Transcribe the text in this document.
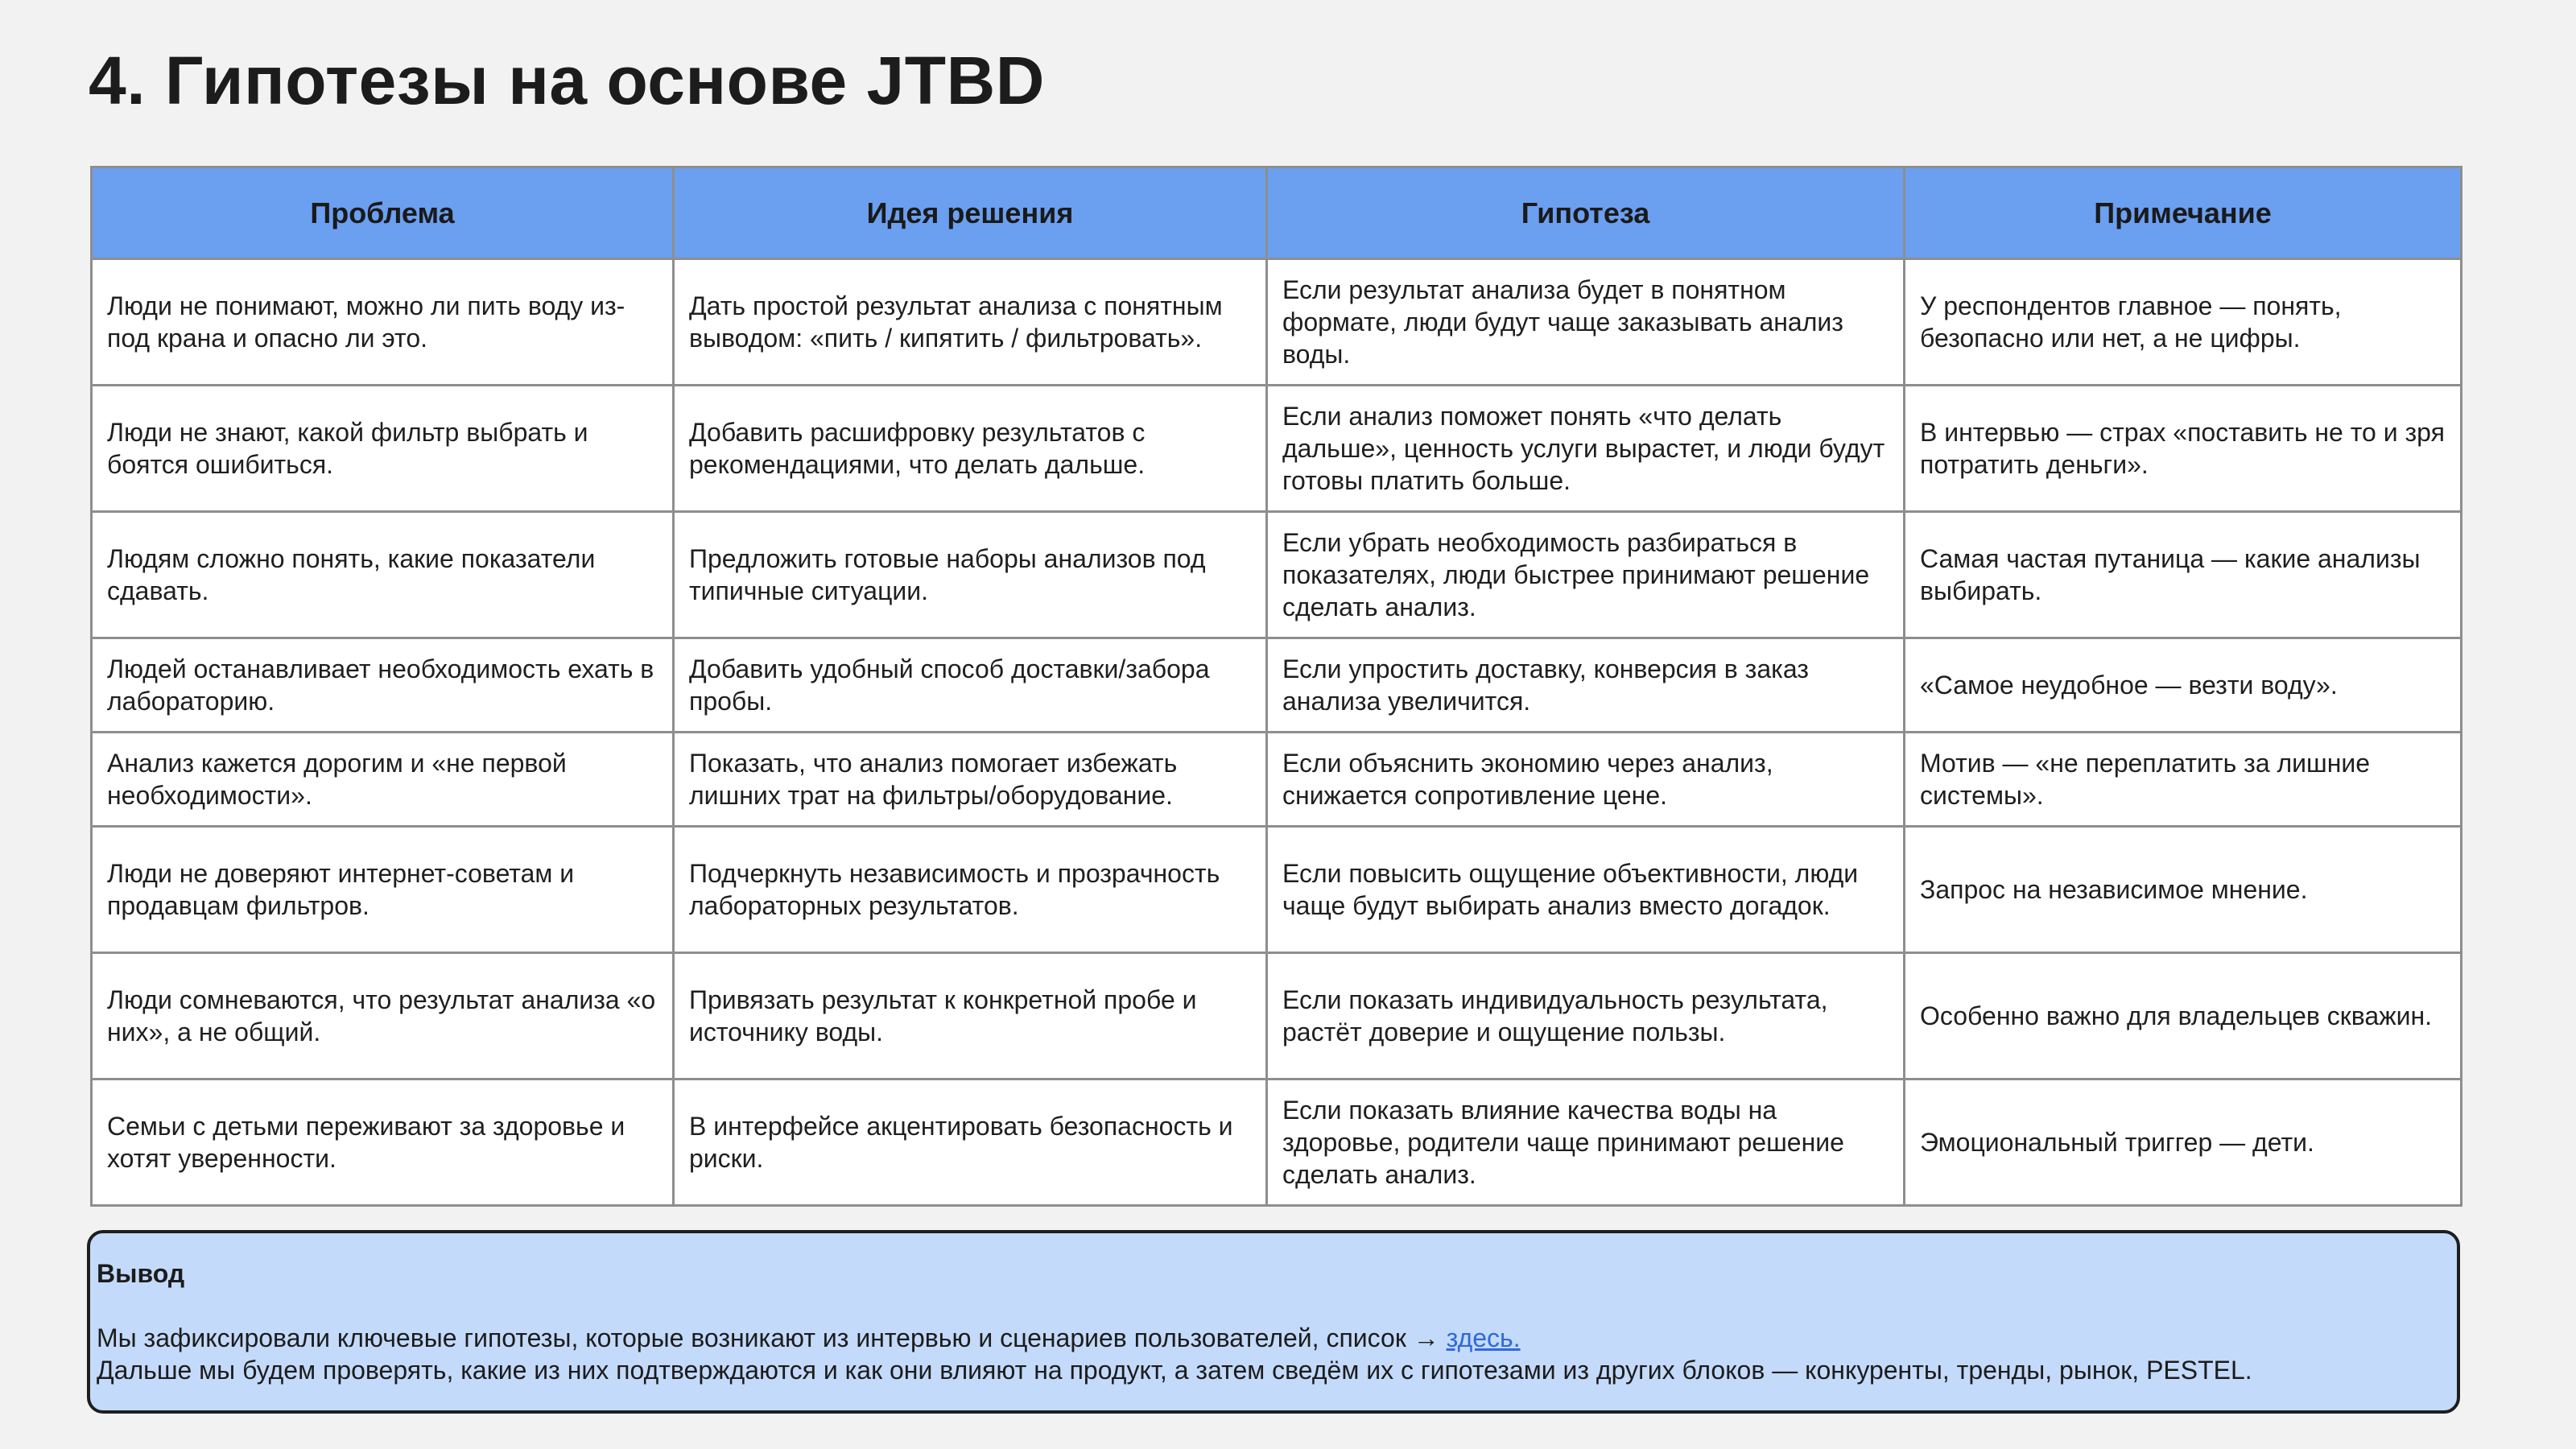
4. Гипотезы на основе JTBD
Проблема	Идея решения	Гипотеза	Примечание
Люди не понимают, можно ли пить воду из-под крана и опасно ли это.	Дать простой результат анализа с понятным выводом: «пить / кипятить / фильтровать».	Если результат анализа будет в понятном формате, люди будут чаще заказывать анализ воды.	У респондентов главное — понять, безопасно или нет, а не цифры.
Люди не знают, какой фильтр выбрать и боятся ошибиться.	Добавить расшифровку результатов с рекомендациями, что делать дальше.	Если анализ поможет понять «что делать дальше», ценность услуги вырастет, и люди будут готовы платить больше.	В интервью — страх «поставить не то и зря потратить деньги».
Людям сложно понять, какие показатели сдавать.	Предложить готовые наборы анализов под типичные ситуации.	Если убрать необходимость разбираться в показателях, люди быстрее принимают решение сделать анализ.	Самая частая путаница — какие анализы выбирать.
Людей останавливает необходимость ехать в лабораторию.	Добавить удобный способ доставки/забора пробы.	Если упростить доставку, конверсия в заказ анализа увеличится.	«Самое неудобное — везти воду».
Анализ кажется дорогим и «не первой необходимости».	Показать, что анализ помогает избежать лишних трат на фильтры/оборудование.	Если объяснить экономию через анализ, снижается сопротивление цене.	Мотив — «не переплатить за лишние системы».
Люди не доверяют интернет-советам и продавцам фильтров.	Подчеркнуть независимость и прозрачность лабораторных результатов.	Если повысить ощущение объективности, люди чаще будут выбирать анализ вместо догадок.	Запрос на независимое мнение.
Люди сомневаются, что результат анализа «о них», а не общий.	Привязать результат к конкретной пробе и источнику воды.	Если показать индивидуальность результата, растёт доверие и ощущение пользы.	Особенно важно для владельцев скважин.
Семьи с детьми переживают за здоровье и хотят уверенности.	В интерфейсе акцентировать безопасность и риски.	Если показать влияние качества воды на здоровье, родители чаще принимают решение сделать анализ.	Эмоциональный триггер — дети.
Вывод

Мы зафиксировали ключевые гипотезы, которые возникают из интервью и сценариев пользователей, список → здесь.

Дальше мы будем проверять, какие из них подтверждаются и как они влияют на продукт, а затем сведём их с гипотезами из других блоков — конкуренты, тренды, рынок, PESTEL.
